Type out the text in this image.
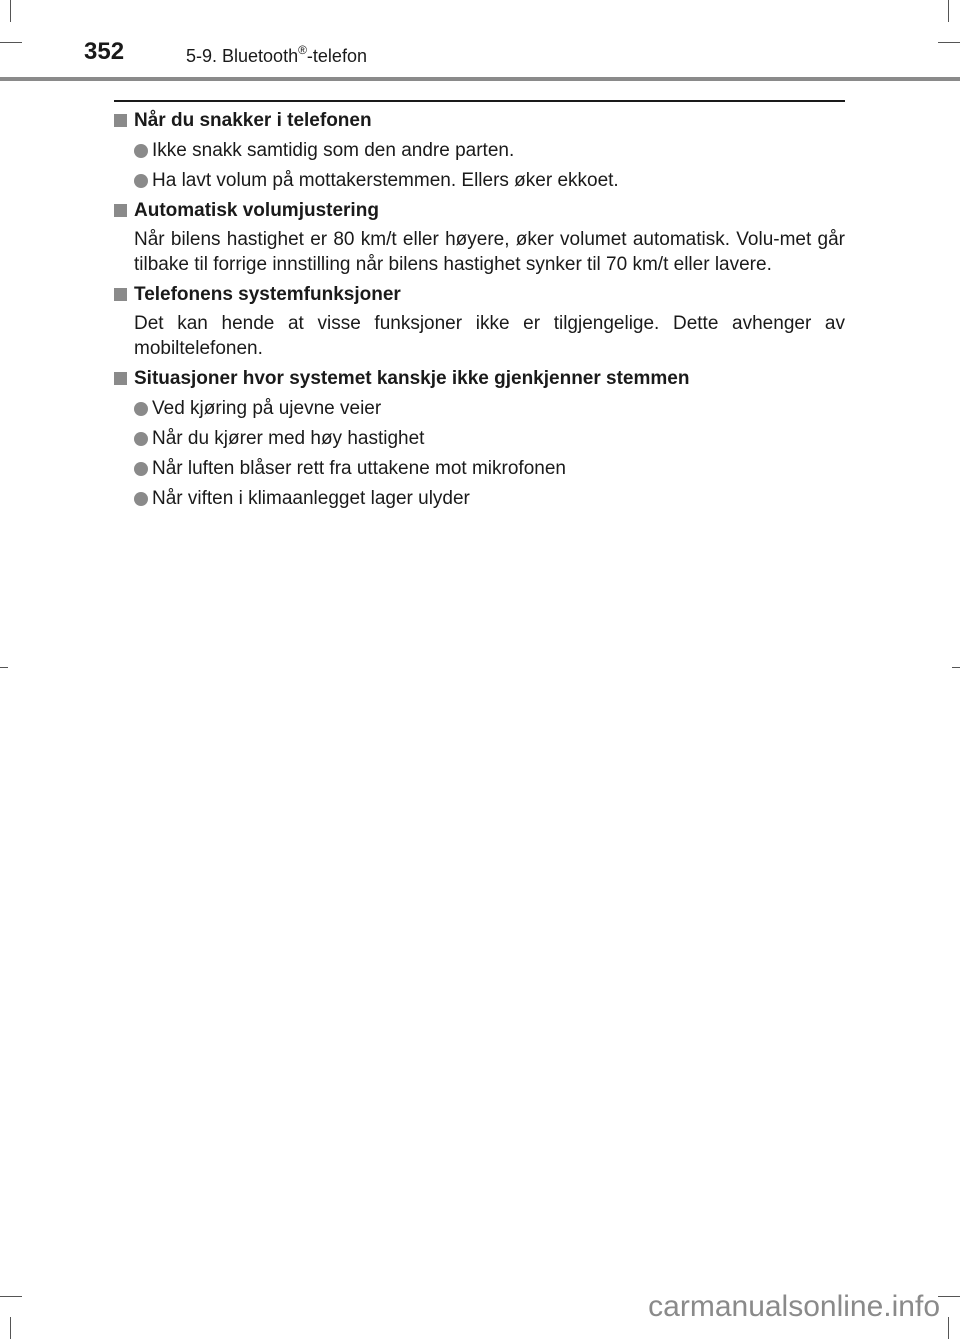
352	5-9. Bluetooth®-telefon
Når du snakker i telefonen
Ikke snakk samtidig som den andre parten.
Ha lavt volum på mottakerstemmen. Ellers øker ekkoet.
Automatisk volumjustering
Når bilens hastighet er 80 km/t eller høyere, øker volumet automatisk. Volu-met går tilbake til forrige innstilling når bilens hastighet synker til 70 km/t eller lavere.
Telefonens systemfunksjoner
Det kan hende at visse funksjoner ikke er tilgjengelige. Dette avhenger av mobiltelefonen.
Situasjoner hvor systemet kanskje ikke gjenkjenner stemmen
Ved kjøring på ujevne veier
Når du kjører med høy hastighet
Når luften blåser rett fra uttakene mot mikrofonen
Når viften i klimaanlegget lager ulyder
carmanualsonline.info
